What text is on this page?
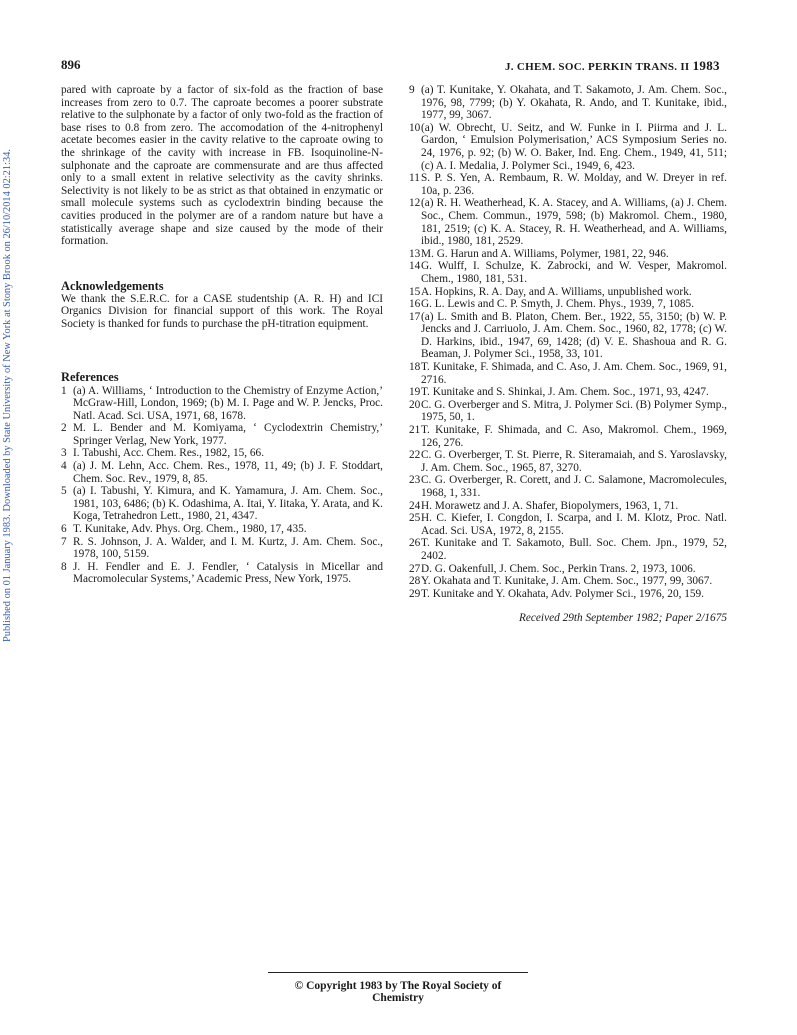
Published on 01 January 1983. Downloaded by State University of New York at Stony Brook on 26/10/2014 02:21:34.
896	J. CHEM. SOC. PERKIN TRANS. II 1983

pared with caproate by a factor of six-fold as the fraction of base increases from zero to 0.7. The caproate becomes a poorer substrate relative to the sulphonate by a factor of only two-fold as the fraction of base rises to 0.8 from zero. The accomodation of the 4-nitrophenyl acetate becomes easier in the cavity relative to the caproate owing to the shrinkage of the cavity with increase in FB. Isoquinoline-N-sulphonate and the caproate are commensurate and are thus affected only to a small extent in relative selectivity as the cavity shrinks. Selectivity is not likely to be as strict as that obtained in enzymatic or small molecule systems such as cyclodextrin binding because the cavities produced in the polymer are of a random nature but have a statistically average shape and size caused by the mode of their formation.

Acknowledgements

We thank the S.E.R.C. for a CASE studentship (A. R. H) and ICI Organics Division for financial support of this work. The Royal Society is thanked for funds to purchase the pH-titration equipment.

References
1 (a) A. Williams, ‘ Introduction to the Chemistry of Enzyme Action,’ McGraw-Hill, London, 1969; (b) M. I. Page and W. P. Jencks, Proc. Natl. Acad. Sci. USA, 1971, 68, 1678.
2 M. L. Bender and M. Komiyama, ‘ Cyclodextrin Chemistry,’ Springer Verlag, New York, 1977.
3 I. Tabushi, Acc. Chem. Res., 1982, 15, 66.
4 (a) J. M. Lehn, Acc. Chem. Res., 1978, 11, 49; (b) J. F. Stoddart, Chem. Soc. Rev., 1979, 8, 85.
5 (a) I. Tabushi, Y. Kimura, and K. Yamamura, J. Am. Chem. Soc., 1981, 103, 6486; (b) K. Odashima, A. Itai, Y. Iitaka, Y. Arata, and K. Koga, Tetrahedron Lett., 1980, 21, 4347.
6 T. Kunitake, Adv. Phys. Org. Chem., 1980, 17, 435.
7 R. S. Johnson, J. A. Walder, and I. M. Kurtz, J. Am. Chem. Soc., 1978, 100, 5159.
8 J. H. Fendler and E. J. Fendler, ‘ Catalysis in Micellar and Macromolecular Systems,’ Academic Press, New York, 1975.
9 (a) T. Kunitake, Y. Okahata, and T. Sakamoto, J. Am. Chem. Soc., 1976, 98, 7799; (b) Y. Okahata, R. Ando, and T. Kunitake, ibid., 1977, 99, 3067.
10 (a) W. Obrecht, U. Seitz, and W. Funke in I. Piirma and J. L. Gardon, ‘ Emulsion Polymerisation,’ ACS Symposium Series no. 24, 1976, p. 92; (b) W. O. Baker, Ind. Eng. Chem., 1949, 41, 511; (c) A. I. Medalia, J. Polymer Sci., 1949, 6, 423.
11 S. P. S. Yen, A. Rembaum, R. W. Molday, and W. Dreyer in ref. 10a, p. 236.
12 (a) R. H. Weatherhead, K. A. Stacey, and A. Williams, (a) J. Chem. Soc., Chem. Commun., 1979, 598; (b) Makromol. Chem., 1980, 181, 2519; (c) K. A. Stacey, R. H. Weatherhead, and A. Williams, ibid., 1980, 181, 2529.
13 M. G. Harun and A. Williams, Polymer, 1981, 22, 946.
14 G. Wulff, I. Schulze, K. Zabrocki, and W. Vesper, Makromol. Chem., 1980, 181, 531.
15 A. Hopkins, R. A. Day, and A. Williams, unpublished work.
16 G. L. Lewis and C. P. Smyth, J. Chem. Phys., 1939, 7, 1085.
17 (a) L. Smith and B. Platon, Chem. Ber., 1922, 55, 3150; (b) W. P. Jencks and J. Carriuolo, J. Am. Chem. Soc., 1960, 82, 1778; (c) W. D. Harkins, ibid., 1947, 69, 1428; (d) V. E. Shashoua and R. G. Beaman, J. Polymer Sci., 1958, 33, 101.
18 T. Kunitake, F. Shimada, and C. Aso, J. Am. Chem. Soc., 1969, 91, 2716.
19 T. Kunitake and S. Shinkai, J. Am. Chem. Soc., 1971, 93, 4247.
20 C. G. Overberger and S. Mitra, J. Polymer Sci. (B) Polymer Symp., 1975, 50, 1.
21 T. Kunitake, F. Shimada, and C. Aso, Makromol. Chem., 1969, 126, 276.
22 C. G. Overberger, T. St. Pierre, R. Siteramaiah, and S. Yaroslavsky, J. Am. Chem. Soc., 1965, 87, 3270.
23 C. G. Overberger, R. Corett, and J. C. Salamone, Macromolecules, 1968, 1, 331.
24 H. Morawetz and J. A. Shafer, Biopolymers, 1963, 1, 71.
25 H. C. Kiefer, I. Congdon, I. Scarpa, and I. M. Klotz, Proc. Natl. Acad. Sci. USA, 1972, 8, 2155.
26 T. Kunitake and T. Sakamoto, Bull. Soc. Chem. Jpn., 1979, 52, 2402.
27 D. G. Oakenfull, J. Chem. Soc., Perkin Trans. 2, 1973, 1006.
28 Y. Okahata and T. Kunitake, J. Am. Chem. Soc., 1977, 99, 3067.
29 T. Kunitake and Y. Okahata, Adv. Polymer Sci., 1976, 20, 159.
Received 29th September 1982; Paper 2/1675
© Copyright 1983 by The Royal Society of Chemistry
